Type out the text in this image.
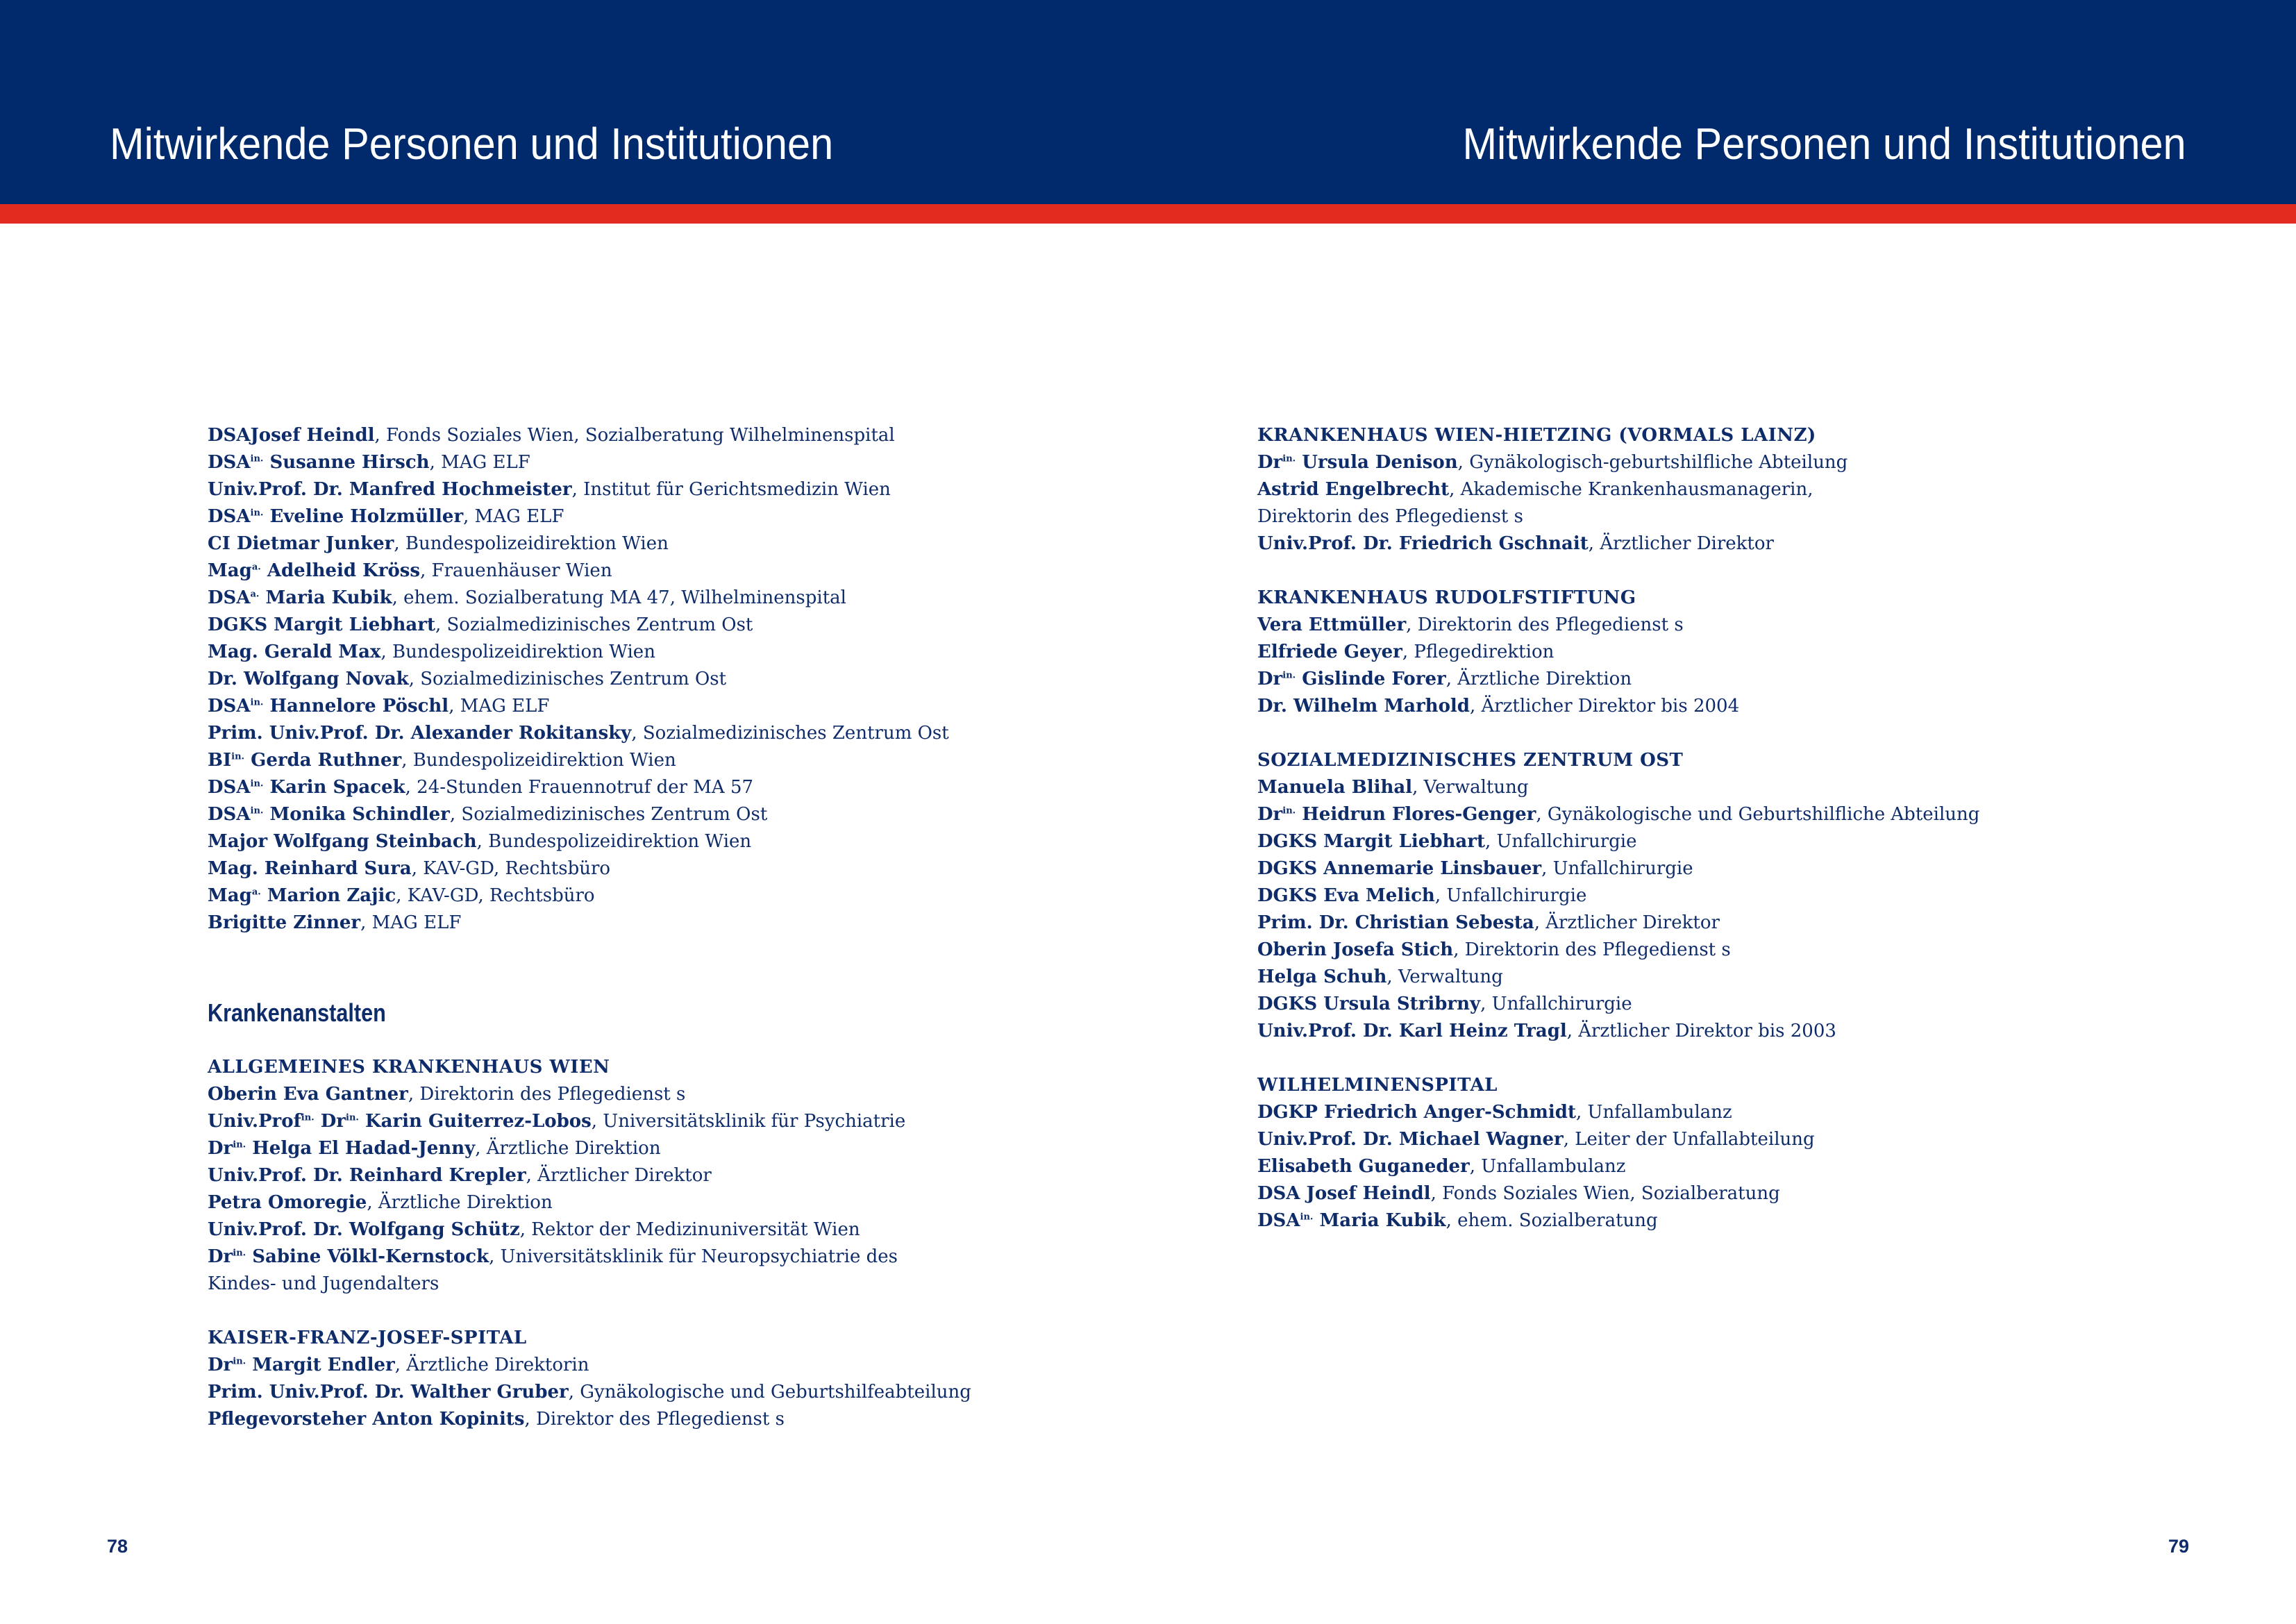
Mitwirkende Personen und Institutionen	Mitwirkende Personen und Institutionen
DSAJosef Heindl, Fonds Soziales Wien, Sozialberatung Wilhelminenspital
$DSA^{in.}$ Susanne Hirsch, MAG ELF
Univ.Prof. Dr. Manfred Hochmeister, Institut für Gerichtsmedizin Wien
$DSA^{in.}$ Eveline Holzmüller, MAG ELF
CI Dietmar Junker, Bundespolizeidirektion Wien
Mag$^{a.}$ Adelheid Kröss, Frauenhäuser Wien
$DSA^{a.}$ Maria Kubik, ehem. Sozialberatung MA 47, Wilhelminenspital
DGKS Margit Liebhart, Sozialmedizinisches Zentrum Ost
Mag. Gerald Max, Bundespolizeidirektion Wien
Dr. Wolfgang Novak, Sozialmedizinisches Zentrum Ost
$DSA^{in.}$ Hannelore Pöschl, MAG ELF
Prim. Univ.Prof. Dr. Alexander Rokitansky, Sozialmedizinisches Zentrum Ost
$BI^{in.}$ Gerda Ruthner, Bundespolizeidirektion Wien
$DSA^{in.}$ Karin Spacek, 24-Stunden Frauennotruf der MA 57
$DSA^{in.}$ Monika Schindler, Sozialmedizinisches Zentrum Ost
Major Wolfgang Steinbach, Bundespolizeidirektion Wien
Mag. Reinhard Sura, KAV-GD, Rechtsbüro
Mag$^{a.}$ Marion Zajic, KAV-GD, Rechtsbüro
Brigitte Zinner, MAG ELF
Krankenanstalten
ALLGEMEINES KRANKENHAUS WIEN
Oberin Eva Gantner, Direktorin des Pflegedienst s
Univ.Prof$^{in.}$ $Dr^{in.}$ Karin Guiterrez-Lobos, Universitätsklinik für Psychiatrie
$Dr^{in.}$ Helga El Hadad-Jenny, Ärztliche Direktion
Univ.Prof. Dr. Reinhard Krepler, Ärztlicher Direktor
Petra Omoregie, Ärztliche Direktion
Univ.Prof. Dr. Wolfgang Schütz, Rektor der Medizinuniversität Wien
$Dr^{in.}$ Sabine Völkl-Kernstock, Universitätsklinik für Neuropsychiatrie des
Kindes- und Jugendalters
KAISER-FRANZ-JOSEF-SPITAL
$Dr^{in.}$ Margit Endler, Ärztliche Direktorin
Prim. Univ.Prof. Dr. Walther Gruber, Gynäkologische und Geburtshilfeabteilung
Pflegevorsteher Anton Kopinits, Direktor des Pflegedienst s
KRANKENHAUS WIEN-HIETZING (VORMALS LAINZ)
$Dr^{in.}$ Ursula Denison, Gynäkologisch-geburtshilfliche Abteilung
Astrid Engelbrecht, Akademische Krankenhausmanagerin,
Direktorin des Pflegedienst s
Univ.Prof. Dr. Friedrich Gschnait, Ärztlicher Direktor
KRANKENHAUS RUDOLFSTIFTUNG
Vera Ettmüller, Direktorin des Pflegedienst s
Elfriede Geyer, Pflegedirektion
$Dr^{in.}$ Gislinde Forer, Ärztliche Direktion
Dr. Wilhelm Marhold, Ärztlicher Direktor bis 2004
SOZIALMEDIZINISCHES ZENTRUM OST
Manuela Blihal, Verwaltung
$Dr^{in.}$ Heidrun Flores-Genger, Gynäkologische und Geburtshilfliche Abteilung
DGKS Margit Liebhart, Unfallchirurgie
DGKS Annemarie Linsbauer, Unfallchirurgie
DGKS Eva Melich, Unfallchirurgie
Prim. Dr. Christian Sebesta, Ärztlicher Direktor
Oberin Josefa Stich, Direktorin des Pflegedienst s
Helga Schuh, Verwaltung
DGKS Ursula Stribrny, Unfallchirurgie
Univ.Prof. Dr. Karl Heinz Tragl, Ärztlicher Direktor bis 2003
WILHELMINENSPITAL
DGKP Friedrich Anger-Schmidt, Unfallambulanz
Univ.Prof. Dr. Michael Wagner, Leiter der Unfallabteilung
Elisabeth Guganeder, Unfallambulanz
DSA Josef Heindl, Fonds Soziales Wien, Sozialberatung
$DSA^{in.}$ Maria Kubik, ehem. Sozialberatung
78	79
